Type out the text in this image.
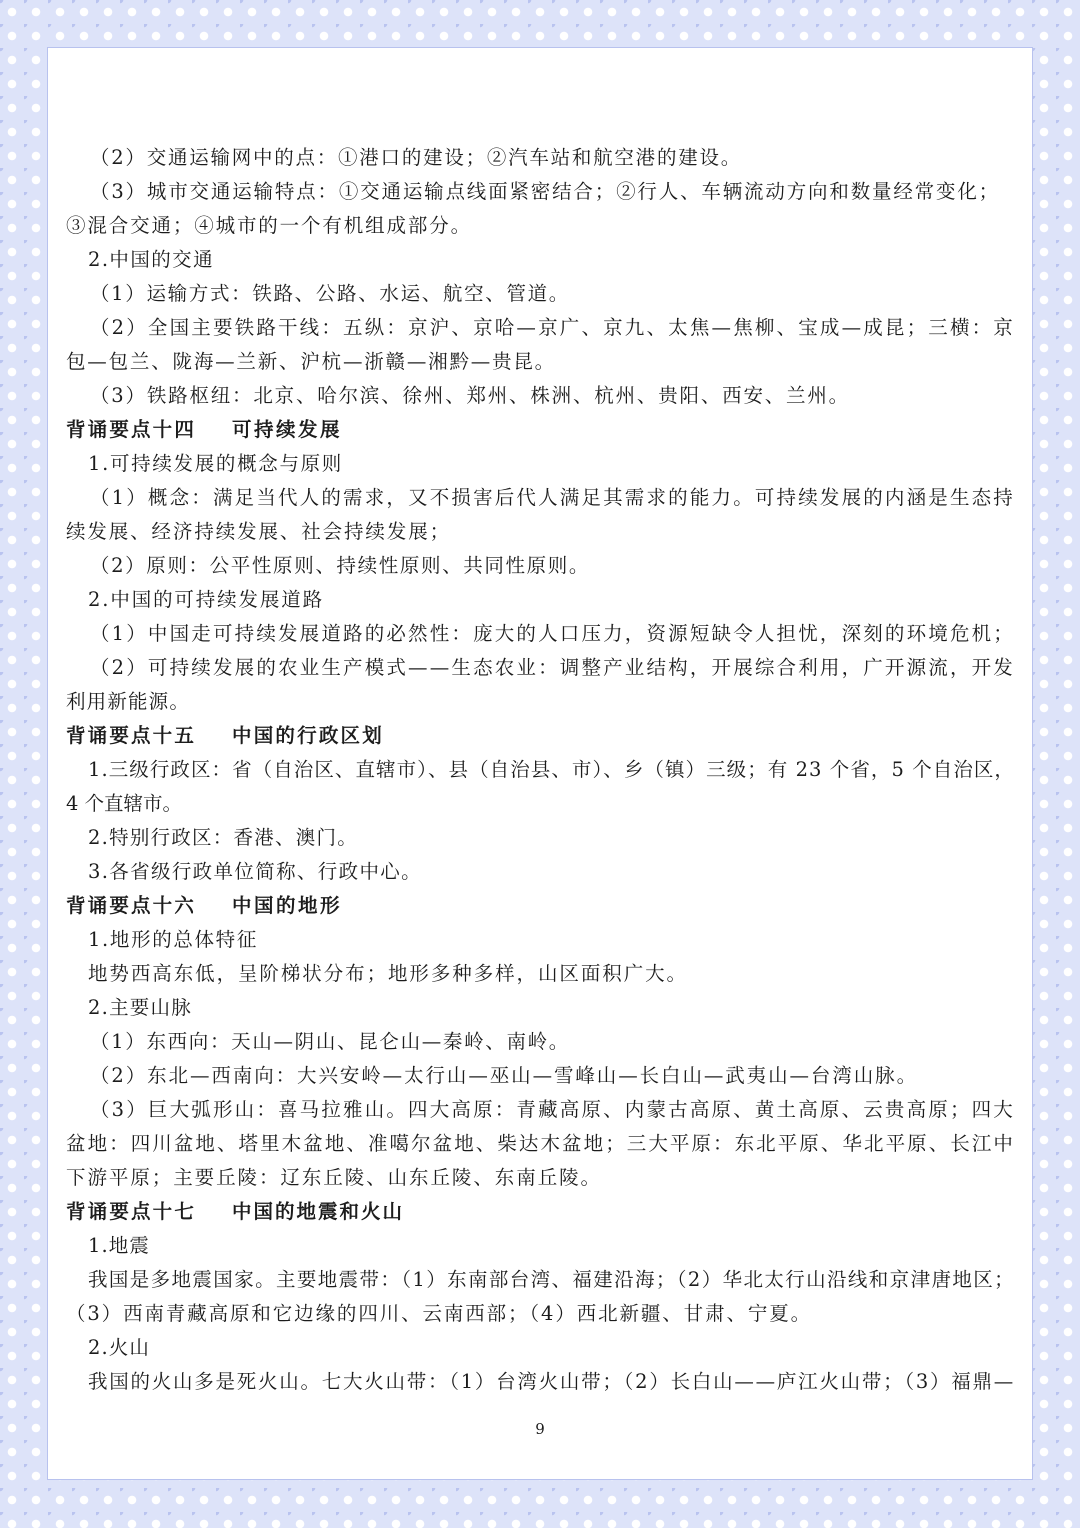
（2）交通运输网中的点：①港口的建设；②汽车站和航空港的建设。
（3）城市交通运输特点：①交通运输点线面紧密结合；②行人、车辆流动方向和数量经常变化；
③混合交通；④城市的一个有机组成部分。
2.中国的交通
（1）运输方式：铁路、公路、水运、航空、管道。
（2）全国主要铁路干线：五纵：京沪、京哈—京广、京九、太焦—焦柳、宝成—成昆；三横：京
包—包兰、陇海—兰新、沪杭—浙赣—湘黔—贵昆。
（3）铁路枢纽：北京、哈尔滨、徐州、郑州、株洲、杭州、贵阳、西安、兰州。
背诵要点十四 可持续发展
1.可持续发展的概念与原则
（1）概念：满足当代人的需求，又不损害后代人满足其需求的能力。可持续发展的内涵是生态持
续发展、经济持续发展、社会持续发展；
（2）原则：公平性原则、持续性原则、共同性原则。
2.中国的可持续发展道路
（1）中国走可持续发展道路的必然性：庞大的人口压力，资源短缺令人担忧，深刻的环境危机；
（2）可持续发展的农业生产模式——生态农业：调整产业结构，开展综合利用，广开源流，开发
利用新能源。
背诵要点十五 中国的行政区划
1.三级行政区：省（自治区、直辖市）、县（自治县、市）、乡（镇）三级；有 23 个省，5 个自治区，
4 个直辖市。
2.特别行政区：香港、澳门。
3.各省级行政单位简称、行政中心。
背诵要点十六 中国的地形
1.地形的总体特征
地势西高东低，呈阶梯状分布；地形多种多样，山区面积广大。
2.主要山脉
（1）东西向：天山—阴山、昆仑山—秦岭、南岭。
（2）东北—西南向：大兴安岭—太行山—巫山—雪峰山—长白山—武夷山—台湾山脉。
（3）巨大弧形山：喜马拉雅山。四大高原：青藏高原、内蒙古高原、黄土高原、云贵高原；四大
盆地：四川盆地、塔里木盆地、准噶尔盆地、柴达木盆地；三大平原：东北平原、华北平原、长江中
下游平原；主要丘陵：辽东丘陵、山东丘陵、东南丘陵。
背诵要点十七 中国的地震和火山
1.地震
我国是多地震国家。主要地震带：（1）东南部台湾、福建沿海；（2）华北太行山沿线和京津唐地区；
（3）西南青藏高原和它边缘的四川、云南西部；（4）西北新疆、甘肃、宁夏。
2.火山
我国的火山多是死火山。七大火山带：（1）台湾火山带；（2）长白山——庐江火山带；（3）福鼎—
9
